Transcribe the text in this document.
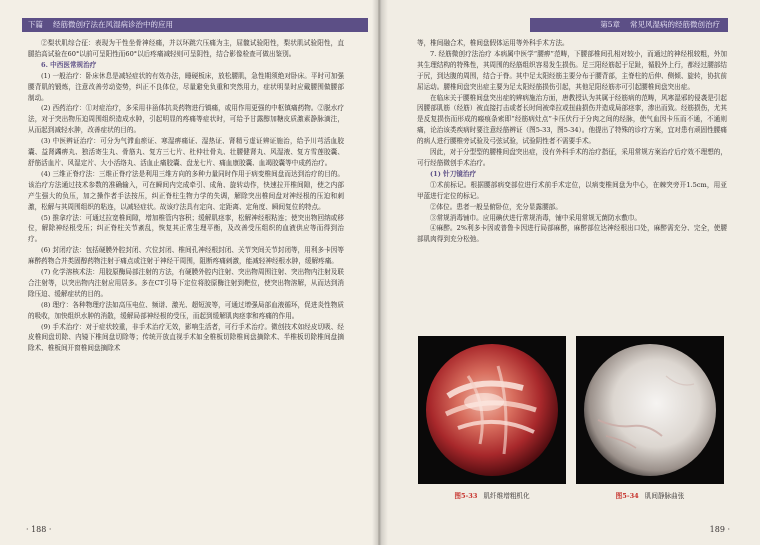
下篇 经筋微创疗法在风湿病诊治中的应用

②梨状肌综合征：表现为干性坐骨神经痛，并以环跳穴压痛为主，屈髋试验阳性，梨状肌试验阳性，直腿抬高试验在60°以前可呈阳性而60°以后疼痛减轻则可呈阴性，结合影像检查可做出鉴别。

6. 中西医常规治疗

(1) 一般治疗：卧床休息是减轻症状的有效办法，睡硬板床，放松腰肌，急性期须绝对卧床。平时可加强腰背肌的锻炼，注意改善劳动姿势，纠正不良体位，尽量避免负重和突然用力，症状明显时应戴腰围做腰部制动。

(2) 西药治疗：①对症治疗，多采用非甾体抗炎药物进行镇痛，或用作用更强的中枢镇痛药物。②脱水疗法，对于突出物压迫周围组织造成水肿，引起明显的疼痛等症状时，可给予甘露醇加糖皮质激素静脉滴注，从而起到减轻水肿，改善症状的目的。

(3) 中医辨证治疗：可分为气滞血瘀证、寒湿痹痛证、湿热证、肾精亏虚证辨证施治，给予川芎活血胶囊、益肾蠲痹丸、独活寄生丸、骨筋丸、复方三七片、杜仲壮骨丸、壮腰健肾丸、风湿液、复方雪莲胶囊、舒筋活血片、风湿定片、大小活络丸、活血止痛胶囊、盘龙七片、痛血康胶囊、血竭胶囊等中成药治疗。

(4) 三维正脊疗法：三维正脊疗法是利用三维方向的多种力量同时作用于病变椎间盘而达到治疗的目的。该治疗方法通过技术参数的准确输入，可在瞬间内完成牵引、成角、旋转动作，快速拉开椎间隙，使之内部产生强大的负压，加之操作者手法按压，纠正脊柱生物力学的失调，解除突出椎间盘对神经根的压迫和刺激，松解与其周围组织的粘连，以减轻症状。故该疗法具有定向、定距离、定角度、瞬间复位的特点。

(5) 推拿疗法：可通过拉宽椎间隙，增加椎管内容积；缓解肌痉挛，松解神经根粘连；使突出物回纳或移位，解除神经根受压；纠正脊柱关节紊乱，恢复其正常生理平衡，及改善受压组织的血液供应等而得到治疗。

(6) 封闭疗法：包括硬膜外腔封闭、穴位封闭、椎间孔神经根封闭、关节突间关节封闭等，用利多卡因等麻醉药物合并类固醇药物注射于痛点或注射于神经干周围，阻断疼痛刺激，能减轻神经根水肿，缓解疼痛。

(7) 化学溶核术法：用胶原酶局部注射的方法，有硬膜外腔内注射、突出物周围注射、突出物内注射及联合注射等，以突出物内注射应用居多。多在CT引导下定位将胶原酶注射到靶位，使突出物溶解，从而达到消除压迫、缓解症状的目的。

(8) 理疗：各种物理疗法如高压电位、频谱、激光、超短波等，可通过增强局部血液循环，促进炎性物质的吸收，加快组织水肿的消散，缓解局部神经根的受压，而起到缓解肌肉痉挛和疼痛的作用。

(9) 手术治疗：对于症状较重，非手术治疗无效，影响生活者，可行手术治疗。微创技术如经皮切吸、经皮椎间盘切除、内镜下椎间盘切除等；传统开放直视手术如全椎板切除椎间盘摘除术、半椎板切除椎间盘摘除术、椎板间开窗椎间盘摘除术

· 188 ·
第5章 常见风湿病的经筋微创治疗

等，椎间融合术，椎间盘假体运用等外科手术方法。

7. 经筋微创疗法治疗 本病属中医学“腰痹”范畴，下腰部椎间孔相对较小，而通过的神经根较粗，外加其生理结构的特殊性，其周围的经筋组织容易发生损伤。足三阳经筋起于足趾，循股外上行，都经过腰部结于尻，到达腹的周围，结合于脊。其中足太阳经筋主要分布于腰背部，主脊柱的后伸、侧倾、旋转，协抗前屈运动。腰椎间盘突出症主要为足太阳经筋损伤引起，其他足阳经筋亦可引起腰椎间盘突出症。

在临床关于腰椎间盘突出症的辨病施治方面，唐教授认为其属于经筋病的范畴，风寒湿邪的侵袭是引起因腰部肌筋（经筋）被直接打击或者长时间被牵拉或扭曲损伤并造成局部痉挛，渗出而致。经筋损伤，尤其是反复损伤而形成的瘢痕条索即“经筋病灶点”卡压伏行于分肉之间的经脉，使气血因卡压而不通，不通则痛，论治该类疾病时要注意经筋辨证（图5-33，图5-34）。他提出了特殊的诊疗方案，宜对患有顽固性腰痛的病人进行腰椎旁试验及弓弦试验，试验阴性者不需要手术。

因此，对于分型型的腰椎间盘突出症，没有外科手术的治疗指征，采用常规方案治疗后疗效不理想的，可行经筋微创手术治疗。

(1) 针刀镜治疗

①术前标记。根据腰部病变部位进行术前手术定位，以病变椎间盘为中心，在棘突旁开1.5cm，用亚甲蓝进行定位的标记。

②体位。患者一般呈俯卧位，充分显露腰部。

③常规消毒铺巾。应用碘伏进行常规消毒，铺中采用常规无菌防水敷巾。

④麻醉。2%利多卡因或普鲁卡因进行局部麻醉，麻醉部位达神经根出口处，麻醉需充分、完全，使腰部肌肉得到充分松弛。

图5-33 肌纤维增粗机化	图5-34 肌间静脉曲张
189 ·
